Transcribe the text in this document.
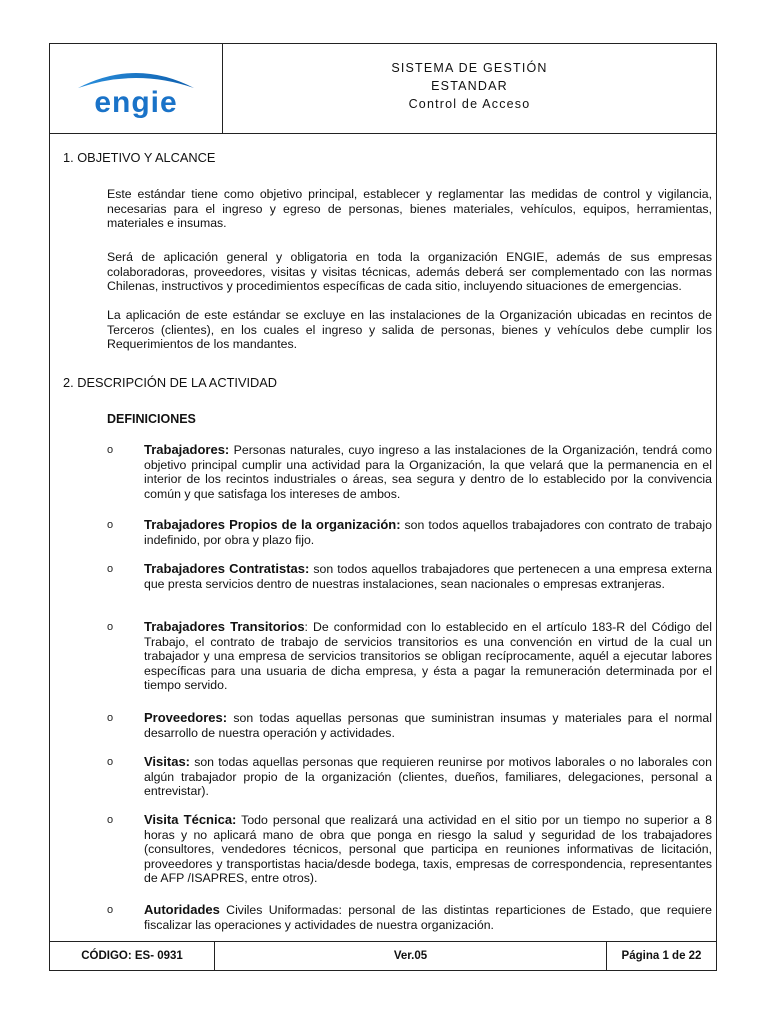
engie
SISTEMA DE GESTIÓN
ESTANDAR
Control de Acceso
1. OBJETIVO Y ALCANCE
Este estándar tiene como objetivo principal, establecer y reglamentar las medidas de control y vigilancia, necesarias para el ingreso y egreso de personas, bienes materiales, vehículos, equipos, herramientas, materiales e insumas.
Será de aplicación general y obligatoria en toda la organización ENGIE, además de sus empresas colaboradoras, proveedores, visitas y visitas técnicas, además deberá ser complementado con las normas Chilenas, instructivos y procedimientos específicas de cada sitio, incluyendo situaciones de emergencias.
La aplicación de este estándar se excluye en las instalaciones de la Organización ubicadas en recintos de Terceros (clientes), en los cuales el ingreso y salida de personas, bienes y vehículos debe cumplir los Requerimientos de los mandantes.
2. DESCRIPCIÓN DE LA ACTIVIDAD
DEFINICIONES
o Trabajadores: Personas naturales, cuyo ingreso a las instalaciones de la Organización, tendrá como objetivo principal cumplir una actividad para la Organización, la que velará que la permanencia en el interior de los recintos industriales o áreas, sea segura y dentro de lo establecido por la convivencia común y que satisfaga los intereses de ambos.
o Trabajadores Propios de la organización: son todos aquellos trabajadores con contrato de trabajo indefinido, por obra y plazo fijo.
o Trabajadores Contratistas: son todos aquellos trabajadores que pertenecen a una empresa externa que presta servicios dentro de nuestras instalaciones, sean nacionales o empresas extranjeras.
o Trabajadores Transitorios: De conformidad con lo establecido en el artículo 183-R del Código del Trabajo, el contrato de trabajo de servicios transitorios es una convención en virtud de la cual un trabajador y una empresa de servicios transitorios se obligan recíprocamente, aquél a ejecutar labores específicas para una usuaria de dicha empresa, y ésta a pagar la remuneración determinada por el tiempo servido.
o Proveedores: son todas aquellas personas que suministran insumas y materiales para el normal desarrollo de nuestra operación y actividades.
o Visitas: son todas aquellas personas que requieren reunirse por motivos laborales o no laborales con algún trabajador propio de la organización (clientes, dueños, familiares, delegaciones, personal a entrevistar).
o Visita Técnica: Todo personal que realizará una actividad en el sitio por un tiempo no superior a 8 horas y no aplicará mano de obra que ponga en riesgo la salud y seguridad de los trabajadores (consultores, vendedores técnicos, personal que participa en reuniones informativas de licitación, proveedores y transportistas hacia/desde bodega, taxis, empresas de correspondencia, representantes de AFP /ISAPRES, entre otros).
o Autoridades Civiles Uniformadas: personal de las distintas reparticiones de Estado, que requiere fiscalizar las operaciones y actividades de nuestra organización.
CÓDIGO: ES- 0931	Ver.05	Página 1 de 22
